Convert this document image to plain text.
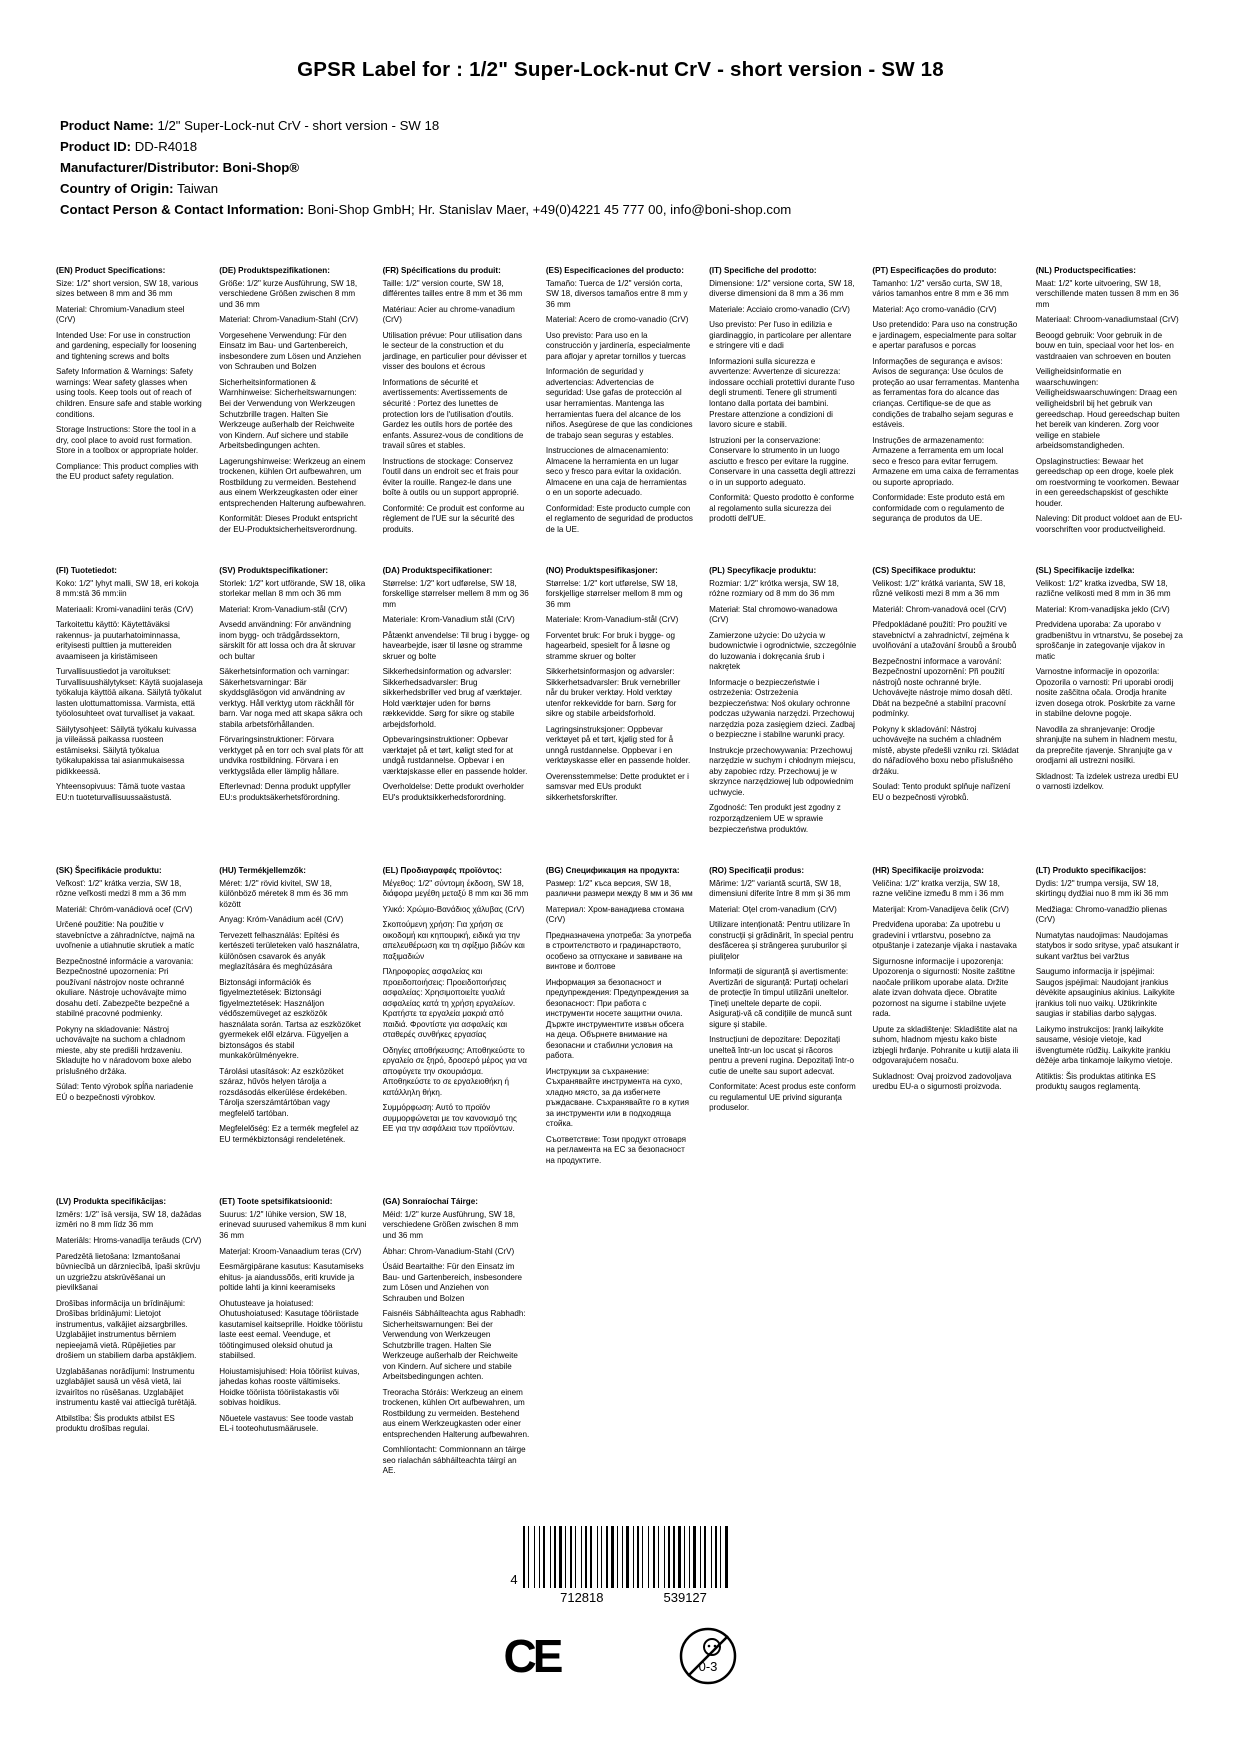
GPSR Label for : 1/2" Super-Lock-nut CrV - short version - SW 18
Product Name: 1/2" Super-Lock-nut CrV - short version - SW 18
Product ID: DD-R4018
Manufacturer/Distributor: Boni-Shop®
Country of Origin: Taiwan
Contact Person & Contact Information: Boni-Shop GmbH; Hr. Stanislav Maer, +49(0)4221 45 777 00, info@boni-shop.com
(EN) Product Specifications:

Size: 1/2" short version, SW 18, various sizes between 8 mm and 36 mm

Material: Chromium-Vanadium steel (CrV)

Intended Use: For use in construction and gardening, especially for loosening and tightening screws and bolts

Safety Information & Warnings: Safety warnings: Wear safety glasses when using tools. Keep tools out of reach of children. Ensure safe and stable working conditions.

Storage Instructions: Store the tool in a dry, cool place to avoid rust formation. Store in a toolbox or appropriate holder.

Compliance: This product complies with the EU product safety regulation.

(DE) Produktspezifikationen:

Größe: 1/2" kurze Ausführung, SW 18, verschiedene Größen zwischen 8 mm und 36 mm

Material: Chrom-Vanadium-Stahl (CrV)

Vorgesehene Verwendung: Für den Einsatz im Bau- und Gartenbereich, insbesondere zum Lösen und Anziehen von Schrauben und Bolzen

Sicherheitsinformationen & Warnhinweise: Sicherheitswarnungen: Bei der Verwendung von Werkzeugen Schutzbrille tragen. Halten Sie Werkzeuge außerhalb der Reichweite von Kindern. Auf sichere und stabile Arbeitsbedingungen achten.

Lagerungshinweise: Werkzeug an einem trockenen, kühlen Ort aufbewahren, um Rostbildung zu vermeiden. Bestehend aus einem Werkzeugkasten oder einer entsprechenden Halterung aufbewahren.

Konformität: Dieses Produkt entspricht der EU-Produktsicherheitsverordnung.

(FR) Spécifications du produit:

Taille: 1/2" version courte, SW 18, différentes tailles entre 8 mm et 36 mm

Matériau: Acier au chrome-vanadium (CrV)

Utilisation prévue: Pour utilisation dans le secteur de la construction et du jardinage, en particulier pour dévisser et visser des boulons et écrous

Informations de sécurité et avertissements: Avertissements de sécurité : Portez des lunettes de protection lors de l'utilisation d'outils. Gardez les outils hors de portée des enfants. Assurez-vous de conditions de travail sûres et stables.

Instructions de stockage: Conservez l'outil dans un endroit sec et frais pour éviter la rouille. Rangez-le dans une boîte à outils ou un support approprié.

Conformité: Ce produit est conforme au règlement de l'UE sur la sécurité des produits.

(ES) Especificaciones del producto:

Tamaño: Tuerca de 1/2" versión corta, SW 18, diversos tamaños entre 8 mm y 36 mm

Material: Acero de cromo-vanadio (CrV)

Uso previsto: Para uso en la construcción y jardinería, especialmente para aflojar y apretar tornillos y tuercas

Información de seguridad y advertencias: Advertencias de seguridad: Use gafas de protección al usar herramientas. Mantenga las herramientas fuera del alcance de los niños. Asegúrese de que las condiciones de trabajo sean seguras y estables.

Instrucciones de almacenamiento: Almacene la herramienta en un lugar seco y fresco para evitar la oxidación. Almacene en una caja de herramientas o en un soporte adecuado.

Conformidad: Este producto cumple con el reglamento de seguridad de productos de la UE.

(IT) Specifiche del prodotto:

Dimensione: 1/2" versione corta, SW 18, diverse dimensioni da 8 mm a 36 mm

Materiale: Acciaio cromo-vanadio (CrV)

Uso previsto: Per l'uso in edilizia e giardinaggio, in particolare per allentare e stringere viti e dadi

Informazioni sulla sicurezza e avvertenze: Avvertenze di sicurezza: indossare occhiali protettivi durante l'uso degli strumenti. Tenere gli strumenti lontano dalla portata dei bambini. Prestare attenzione a condizioni di lavoro sicure e stabili.

Istruzioni per la conservazione: Conservare lo strumento in un luogo asciutto e fresco per evitare la ruggine. Conservare in una cassetta degli attrezzi o in un supporto adeguato.

Conformità: Questo prodotto è conforme al regolamento sulla sicurezza dei prodotti dell'UE.

(PT) Especificações do produto:

Tamanho: 1/2" versão curta, SW 18, vários tamanhos entre 8 mm e 36 mm

Material: Aço cromo-vanádio (CrV)

Uso pretendido: Para uso na construção e jardinagem, especialmente para soltar e apertar parafusos e porcas

Informações de segurança e avisos: Avisos de segurança: Use óculos de proteção ao usar ferramentas. Mantenha as ferramentas fora do alcance das crianças. Certifique-se de que as condições de trabalho sejam seguras e estáveis.

Instruções de armazenamento: Armazene a ferramenta em um local seco e fresco para evitar ferrugem. Armazene em uma caixa de ferramentas ou suporte apropriado.

Conformidade: Este produto está em conformidade com o regulamento de segurança de produtos da UE.

(NL) Productspecificaties:

Maat: 1/2" korte uitvoering, SW 18, verschillende maten tussen 8 mm en 36 mm

Materiaal: Chroom-vanadiumstaal (CrV)

Beoogd gebruik: Voor gebruik in de bouw en tuin, speciaal voor het los- en vastdraaien van schroeven en bouten

Veiligheidsinformatie en waarschuwingen: Veiligheidswaarschuwingen: Draag een veiligheidsbril bij het gebruik van gereedschap. Houd gereedschap buiten het bereik van kinderen. Zorg voor veilige en stabiele arbeidsomstandigheden.

Opslaginstructies: Bewaar het gereedschap op een droge, koele plek om roestvorming te voorkomen. Bewaar in een gereedschapskist of geschikte houder.

Naleving: Dit product voldoet aan de EU-voorschriften voor productveiligheid.

(FI) Tuotetiedot:

Koko: 1/2" lyhyt malli, SW 18, eri kokoja 8 mm:stä 36 mm:iin

Materiaali: Kromi-vanadiini teräs (CrV)

Tarkoitettu käyttö: Käytettäväksi rakennus- ja puutarhatoiminnassa, erityisesti pulttien ja muttereiden avaamiseen ja kiristämiseen

Turvallisuustiedot ja varoitukset: Turvallisuushälytykset: Käytä suojalaseja työkaluja käyttöä aikana. Säilytä työkalut lasten ulottumattomissa. Varmista, että työolosuhteet ovat turvalliset ja vakaat.

Säilytysohjeet: Säilytä työkalu kuivassa ja viileässä paikassa ruosteen estämiseksi. Säilytä työkalua työkalupakissa tai asianmukaisessa pidikkeessä.

Yhteensopivuus: Tämä tuote vastaa EU:n tuoteturvallisuussaästustä.

(SV) Produktspecifikationer:

Storlek: 1/2" kort utförande, SW 18, olika storlekar mellan 8 mm och 36 mm

Material: Krom-Vanadium-stål (CrV)

Avsedd användning: För användning inom bygg- och trädgårdssektorn, särskilt för att lossa och dra åt skruvar och bultar

Säkerhetsinformation och varningar: Säkerhetsvarningar: Bär skyddsgläsögon vid användning av verktyg. Håll verktyg utom räckhåll för barn. Var noga med att skapa säkra och stabila arbetsförhållanden.

Förvaringsinstruktioner: Förvara verktyget på en torr och sval plats för att undvika rostbildning. Förvara i en verktygslåda eller lämplig hållare.

Efterlevnad: Denna produkt uppfyller EU:s produktsäkerhetsförordning.

(DA) Produktspecifikationer:

Størrelse: 1/2" kort udførelse, SW 18, forskellige størrelser mellem 8 mm og 36 mm

Materiale: Krom-Vanadium stål (CrV)

Påtænkt anvendelse: Til brug i bygge- og havearbejde, især til løsne og stramme skruer og bolte

Sikkerhedsinformation og advarsler: Sikkerhedsadvarsler: Brug sikkerhedsbriller ved brug af værktøjer. Hold værktøjer uden for børns rækkevidde. Sørg for sikre og stabile arbejdsforhold.

Opbevaringsinstruktioner: Opbevar værktøjet på et tørt, køligt sted for at undgå rustdannelse. Opbevar i en værktøjskasse eller en passende holder.

Overholdelse: Dette produkt overholder EU's produktsikkerhedsforordning.

(NO) Produktspesifikasjoner:

Størrelse: 1/2" kort utførelse, SW 18, forskjellige størrelser mellom 8 mm og 36 mm

Materiale: Krom-Vanadium-stål (CrV)

Forventet bruk: For bruk i bygge- og hagearbeid, spesielt for å løsne og stramme skruer og bolter

Sikkerhetsinformasjon og advarsler: Sikkerhetsadvarsler: Bruk vernebriller når du bruker verktøy. Hold verktøy utenfor rekkevidde for barn. Sørg for sikre og stabile arbeidsforhold.

Lagringsinstruksjoner: Oppbevar verktøyet på et tørt, kjølig sted for å unngå rustdannelse. Oppbevar i en verktøyskasse eller en passende holder.

Overensstemmelse: Dette produktet er i samsvar med EUs produkt sikkerhetsforskrifter.

(PL) Specyfikacje produktu:

Rozmiar: 1/2" krótka wersja, SW 18, różne rozmiary od 8 mm do 36 mm

Materiał: Stal chromowo-wanadowa (CrV)

Zamierzone użycie: Do użycia w budownictwie i ogrodnictwie, szczególnie do luzowania i dokręcania śrub i nakrętek

Informacje o bezpieczeństwie i ostrzeżenia: Ostrzeżenia bezpieczeństwa: Noś okulary ochronne podczas używania narzędzi. Przechowuj narzędzia poza zasięgiem dzieci. Zadbaj o bezpieczne i stabilne warunki pracy.

Instrukcje przechowywania: Przechowuj narzędzie w suchym i chłodnym miejscu, aby zapobiec rdzy. Przechowuj je w skrzynce narzędziowej lub odpowiednim uchwycie.

Zgodność: Ten produkt jest zgodny z rozporządzeniem UE w sprawie bezpieczeństwa produktów.

(CS) Specifikace produktu:

Velikost: 1/2" krátká varianta, SW 18, různé velikosti mezi 8 mm a 36 mm

Materiál: Chrom-vanadová ocel (CrV)

Předpokládané použití: Pro použití ve stavebnictví a zahradnictví, zejména k uvolňování a utažování šroubů a šroubů

Bezpečnostní informace a varování: Bezpečnostní upozornění: Při použití nástrojů noste ochranné brýle. Uchovávejte nástroje mimo dosah dětí. Dbát na bezpečné a stabilní pracovní podmínky.

Pokyny k skladování: Nástroj uchovávejte na suchém a chladném místě, abyste předešli vzniku rzi. Skládat do nářadíového boxu nebo příslušného držáku.

Soulad: Tento produkt splňuje nařízení EU o bezpečnosti výrobků.

(SL) Specifikacije izdelka:

Velikost: 1/2" kratka izvedba, SW 18, različne velikosti med 8 mm in 36 mm

Material: Krom-vanadijska jeklo (CrV)

Predvidena uporaba: Za uporabo v gradbeništvu in vrtnarstvu, še posebej za sproščanje in zategovanje vijakov in matic

Varnostne informacije in opozorila: Opozorila o varnosti: Pri uporabi orodij nosite zaščitna očala. Orodja hranite izven dosega otrok. Poskrbite za varne in stabilne delovne pogoje.

Navodila za shranjevanje: Orodje shranjujte na suhem in hladnem mestu, da preprečite rjavenje. Shranjujte ga v orodjarni ali ustrezni nosilki.

Skladnost: Ta izdelek ustreza uredbi EU o varnosti izdelkov.

(SK) Špecifikácie produktu:

Veľkosť: 1/2" krátka verzia, SW 18, rôzne veľkosti medzi 8 mm a 36 mm

Materiál: Chróm-vanádiová oceľ (CrV)

Určené použitie: Na použitie v stavebníctve a záhradníctve, najmä na uvoľnenie a utiahnutie skrutiek a matíc

Bezpečnostné informácie a varovania: Bezpečnostné upozornenia: Pri používaní nástrojov noste ochranné okuliare. Nástroje uchovávajte mimo dosahu detí. Zabezpečte bezpečné a stabilné pracovné podmienky.

Pokyny na skladovanie: Nástroj uchovávajte na suchom a chladnom mieste, aby ste predišli hrdzaveniu. Skladujte ho v náradovom boxe alebo príslušného držáka.

Súlad: Tento výrobok spĺňa nariadenie EÚ o bezpečnosti výrobkov.

(HU) Termékjellemzők:

Méret: 1/2" rövid kivitel, SW 18, különböző méretek 8 mm és 36 mm között

Anyag: Króm-Vanádium acél (CrV)

Tervezett felhasználás: Epítési és kertészeti területeken való használatra, különösen csavarok és anyák meglazítására és meghúzására

Biztonsági információk és figyelmeztetések: Biztonsági figyelmeztetések: Használjon védőszemüveget az eszközök használata során. Tartsa az eszközöket gyermekek elől elzárva. Fügyeljen a biztonságos és stabil munkakörülményekre.

Tárolási utasítások: Az eszközöket száraz, hűvös helyen tárolja a rozsdásodás elkerülése érdekében. Tárolja szerszámtártóban vagy megfelelő tartóban.

Megfelelőség: Ez a termék megfelel az EU termékbiztonsági rendeletének.

(EL) Προδιαγραφές προϊόντος:

Μέγεθος: 1/2" σύντομη έκδοση, SW 18, διάφορα μεγέθη μεταξύ 8 mm και 36 mm

Υλικό: Χρώμιο-Βανάδιος χάλυβας (CrV)

Σκοπούμενη χρήση: Για χρήση σε οικοδομή και κηπουρική, ειδικά για την απελευθέρωση και τη σφίξιμο βιδών και παξιμαδιών

Πληροφορίες ασφαλείας και προειδοποιήσεις: Προειδοποιήσεις ασφαλείας: Χρησιμοποιείτε γυαλιά ασφαλείας κατά τη χρήση εργαλείων. Κρατήστε τα εργαλεία μακριά από παιδιά. Φροντίστε για ασφαλείς και σταθερές συνθήκες εργασίας

Οδηγίες αποθήκευσης: Αποθηκεύστε το εργαλείο σε ξηρό, δροσερό μέρος για να αποφύγετε την σκουριάσμα. Αποθηκεύστε το σε εργαλειοθήκη ή κατάλληλη θήκη.

Συμμόρφωση: Αυτό το προϊόν συμμορφώνεται με τον κανονισμό της ΕΕ για την ασφάλεια των προϊόντων.

(BG) Спецификация на продукта:

Размер: 1/2" къса версия, SW 18, различни размери между 8 мм и 36 мм

Материал: Хром-ванадиева стомана (CrV)

Предназначена употреба: За употреба в строителството и градинарството, особено за отпускане и завиване на винтове и болтове

Информация за безопасност и предупреждения: Предупреждения за безопасност: При работа с инструменти носете защитни очила. Държте инструментите извън обсега на деца. Обърнете внимание на безопасни и стабилни условия на работа.

Инструкции за съхранение: Съхранявайте инструмента на сухо, хладно място, за да избегнете ръждасване. Съхранявайте го в кутия за инструменти или в подходяща стойка.

Съответствие: Този продукт отговаря на регламента на ЕС за безопасност на продуктите.

(RO) Specificații produs:

Mărime: 1/2" variantă scurtă, SW 18, dimensiuni diferite între 8 mm și 36 mm

Material: Oțel crom-vanadium (CrV)

Utilizare intenționată: Pentru utilizare în construcții și grădinărit, în special pentru desfăcerea și strângerea șuruburilor și piulițelor

Informații de siguranță și avertismente: Avertizări de siguranță: Purtați ochelari de protecție în timpul utilizării uneltelor. Țineți uneltele departe de copii. Asigurați-vă că condițiile de muncă sunt sigure și stabile.

Instrucțiuni de depozitare: Depozitați unelteă într-un loc uscat și răcoros pentru a preveni rugina. Depozitați într-o cutie de unelte sau suport adecvat.

Conformitate: Acest produs este conform cu regulamentul UE privind siguranța produselor.

(HR) Specifikacije proizvoda:

Veličina: 1/2" kratka verzija, SW 18, razne veličine između 8 mm i 36 mm

Materijal: Krom-Vanadijeva čelik (CrV)

Predviđena uporaba: Za upotrebu u gradevini i vrtlarstvu, posebno za otpuštanje i zatezanje vijaka i nastavaka

Sigurnosne informacije i upozorenja: Upozorenja o sigurnosti: Nosite zaštitne naočale prilikom uporabe alata. Držite alate izvan dohvata djece. Obratite pozornost na sigurne i stabilne uvjete rada.

Upute za skladištenje: Skladištite alat na suhom, hladnom mjestu kako biste izbjegli hrđanje. Pohranite u kutiji alata ili odgovarajućem nosaču.

Sukladnost: Ovaj proizvod zadovoljava uredbu EU-a o sigurnosti proizvoda.

(LT) Produkto specifikacijos:

Dydis: 1/2" trumpa versija, SW 18, skirtingų dydžiai nuo 8 mm iki 36 mm

Medžiaga: Chromo-vanadžio plienas (CrV)

Numatytas naudojimas: Naudojamas statybos ir sodo srityse, ypač atsukant ir sukant varžtus bei varžtus

Saugumo informacija ir įspėjimai: Saugos įspėjimai: Naudojant įrankius dėvėkite apsauginius akinius. Laikykite įrankius toli nuo vaikų. Užtikrinkite saugias ir stabilias darbo sąlygas.

Laikymo instrukcijos: Įrankį laikykite sausame, vėsioje vietoje, kad išvengtumėte rūdžių. Laikykite įrankiu dėžėje arba tinkamoje laikymo vietoje.

Atitiktis: Šis produktas atitinka ES produktų saugos reglamentą.

(LV) Produkta specifikācijas:

Izmērs: 1/2" īsā versija, SW 18, dažādas izmēri no 8 mm līdz 36 mm

Materiāls: Hroms-vanadīja terāuds (CrV)

Paredzētā lietošana: Izmantošanai būvniecībā un dārzniecībā, īpaši skrūvju un uzgriežzu atskrūvēšanai un pievilkšanai

Drošības informācija un brīdinājumi: Drošības brīdinājumi: Lietojot instrumentus, valkājiet aizsargbrilles. Uzglabājiet instrumentus bērniem nepieejamā vietā. Rūpējieties par drošiem un stabiliem darba apstākļiem.

Uzglabāšanas norādījumi: Instrumentu uzglabājiet sausā un vēsā vietā, lai izvairītos no rūsēšanas. Uzglabājiet instrumentu kastē vai attiecīgā turētājā.

Atbilstība: Šis produkts atbilst ES produktu drošības regulai.

(ET) Toote spetsifikatsioonid:

Suurus: 1/2" lühike version, SW 18, erinevad suurused vahemikus 8 mm kuni 36 mm

Materjal: Kroom-Vanaadium teras (CrV)

Eesmärgipärane kasutus: Kasutamiseks ehitus- ja aiandussõõs, eriti kruvide ja poltide lahti ja kinni keeramiseks

Ohutusteave ja hoiatused: Ohutushoiatused: Kasutage tööriistade kasutamisel kaitseprille. Hoidke tööriistu laste eest eemal. Veenduge, et töötingimused oleksid ohutud ja stabiilsed.

Hoiustamisjuhised: Hoia tööriist kuivas, jahedas kohas rooste vältimiseks. Hoidke tööriista tööriistakastis või sobivas hoidikus.

Nõuetele vastavus: See toode vastab EL-i tooteohutusmäärusele.

(GA) Sonraíochaí Táirge:

Méid: 1/2" kurze Ausführung, SW 18, verschiedene Größen zwischen 8 mm und 36 mm

Ábhar: Chrom-Vanadium-Stahl (CrV)

Úsáid Beartaithe: Für den Einsatz im Bau- und Gartenbereich, insbesondere zum Lösen und Anziehen von Schrauben und Bolzen

Faisnéis Sábháilteachta agus Rabhadh: Sicherheitswarnungen: Bei der Verwendung von Werkzeugen Schutzbrille tragen. Halten Sie Werkzeuge außerhalb der Reichweite von Kindern. Auf sichere und stabile Arbeitsbedingungen achten.

Treoracha Stóráis: Werkzeug an einem trockenen, kühlen Ort aufbewahren, um Rostbildung zu vermeiden. Bestehend aus einem Werkzeugkasten oder einer entsprechenden Halterung aufbewahren.

Comhlíontacht: Commionnann an táirge seo rialachán sábháilteachta táirgí an AE.

4
712818	539127
CE	0-3
